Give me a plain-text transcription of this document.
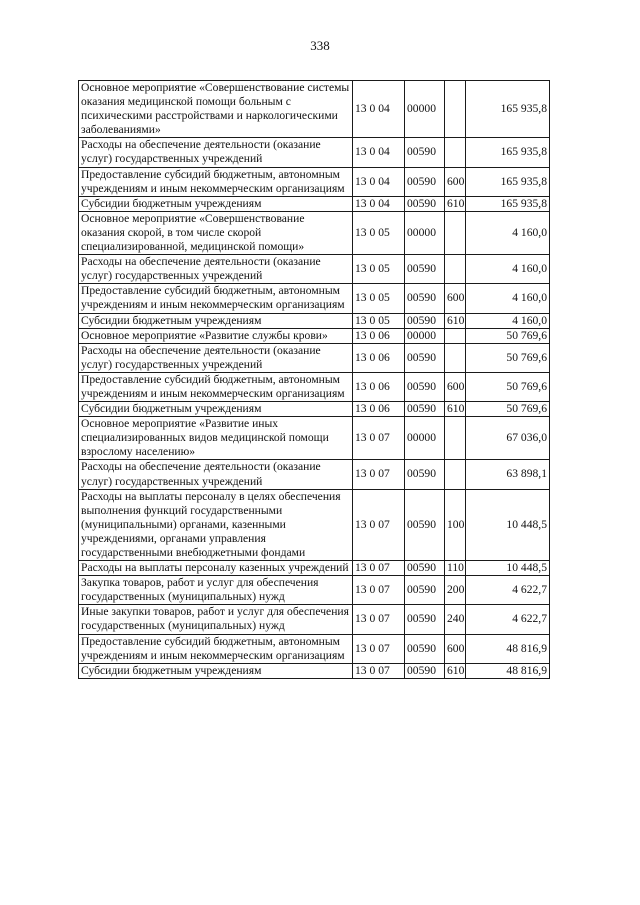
338
Основное мероприятие «Совершенствование системы оказания медицинской помощи больным с психическими расстройствами и наркологическими заболеваниями»	13 0 04	00000		165 935,8
Расходы на обеспечение деятельности (оказание услуг) государственных учреждений	13 0 04	00590		165 935,8
Предоставление субсидий бюджетным, автономным учреждениям и иным некоммерческим организациям	13 0 04	00590	600	165 935,8
Субсидии бюджетным учреждениям	13 0 04	00590	610	165 935,8
Основное мероприятие «Совершенствование оказания скорой, в том числе скорой специализированной, медицинской помощи»	13 0 05	00000		4 160,0
Расходы на обеспечение деятельности (оказание услуг) государственных учреждений	13 0 05	00590		4 160,0
Предоставление субсидий бюджетным, автономным учреждениям и иным некоммерческим организациям	13 0 05	00590	600	4 160,0
Субсидии бюджетным учреждениям	13 0 05	00590	610	4 160,0
Основное мероприятие «Развитие службы крови»	13 0 06	00000		50 769,6
Расходы на обеспечение деятельности (оказание услуг) государственных учреждений	13 0 06	00590		50 769,6
Предоставление субсидий бюджетным, автономным учреждениям и иным некоммерческим организациям	13 0 06	00590	600	50 769,6
Субсидии бюджетным учреждениям	13 0 06	00590	610	50 769,6
Основное мероприятие «Развитие иных специализированных видов медицинской помощи взрослому населению»	13 0 07	00000		67 036,0
Расходы на обеспечение деятельности (оказание услуг) государственных учреждений	13 0 07	00590		63 898,1
Расходы на выплаты персоналу в целях обеспечения выполнения функций государственными (муниципальными) органами, казенными учреждениями, органами управления государственными внебюджетными фондами	13 0 07	00590	100	10 448,5
Расходы на выплаты персоналу казенных учреждений	13 0 07	00590	110	10 448,5
Закупка товаров, работ и услуг для обеспечения государственных (муниципальных) нужд	13 0 07	00590	200	4 622,7
Иные закупки товаров, работ и услуг для обеспечения государственных (муниципальных) нужд	13 0 07	00590	240	4 622,7
Предоставление субсидий бюджетным, автономным учреждениям и иным некоммерческим организациям	13 0 07	00590	600	48 816,9
Субсидии бюджетным учреждениям	13 0 07	00590	610	48 816,9
